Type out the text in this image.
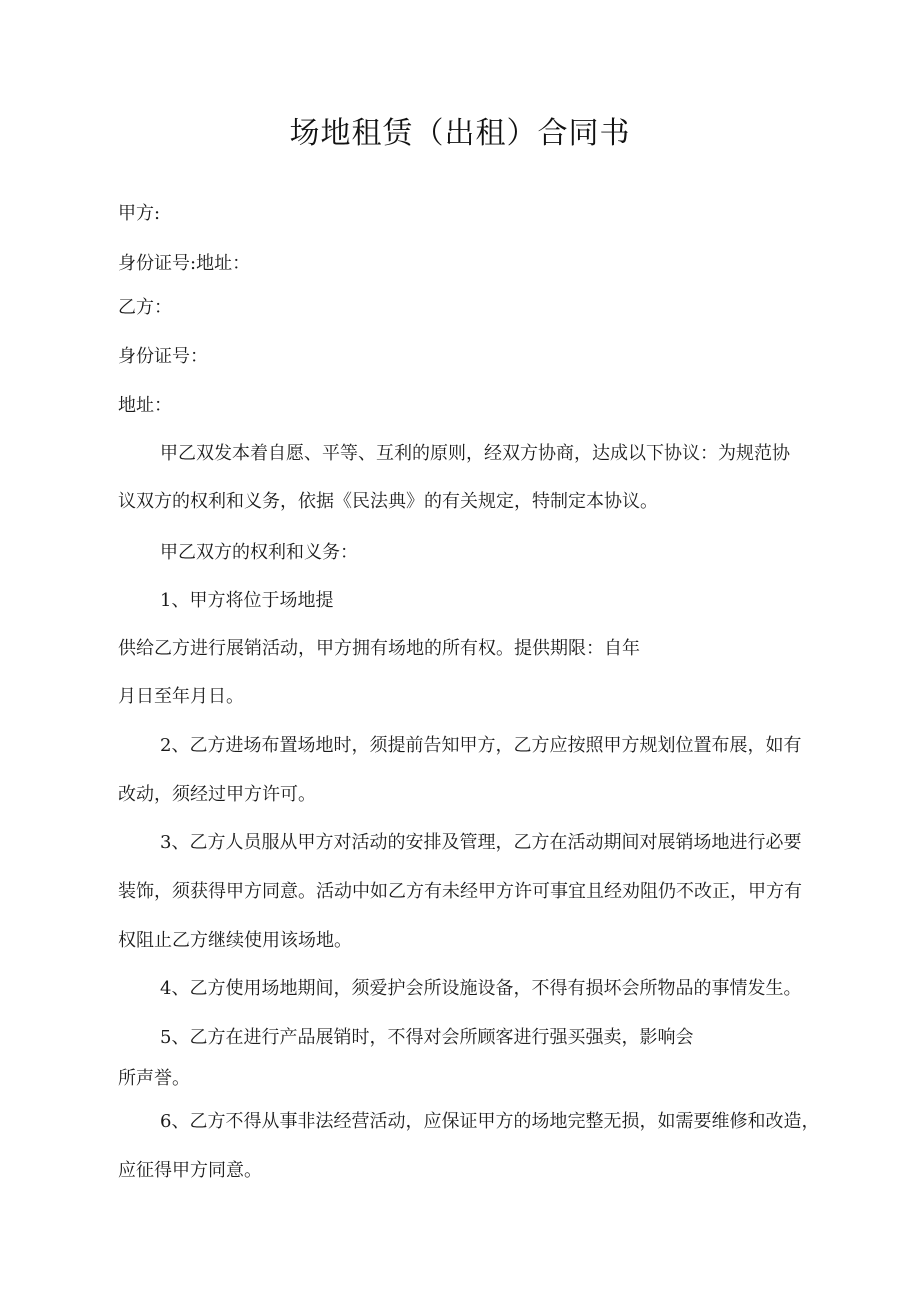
场地租赁（出租）合同书
甲方:
身份证号:地址：
乙方：
身份证号：
地址：
甲乙双发本着自愿、平等、互利的原则，经双方协商，达成以下协议：为规范协
议双方的权利和义务，依据《民法典》的有关规定，特制定本协议。
甲乙双方的权利和义务：
1、甲方将位于场地提
供给乙方进行展销活动，甲方拥有场地的所有权。提供期限：自年
月日至年月日。
2、乙方进场布置场地时，须提前告知甲方，乙方应按照甲方规划位置布展，如有
改动，须经过甲方许可。
3、乙方人员服从甲方对活动的安排及管理，乙方在活动期间对展销场地进行必要
装饰，须获得甲方同意。活动中如乙方有未经甲方许可事宜且经劝阻仍不改正，甲方有
权阻止乙方继续使用该场地。
4、乙方使用场地期间，须爱护会所设施设备，不得有损坏会所物品的事情发生。
5、乙方在进行产品展销时，不得对会所顾客进行强买强卖，影响会
所声誉。
6、乙方不得从事非法经营活动，应保证甲方的场地完整无损，如需要维修和改造，
应征得甲方同意。
